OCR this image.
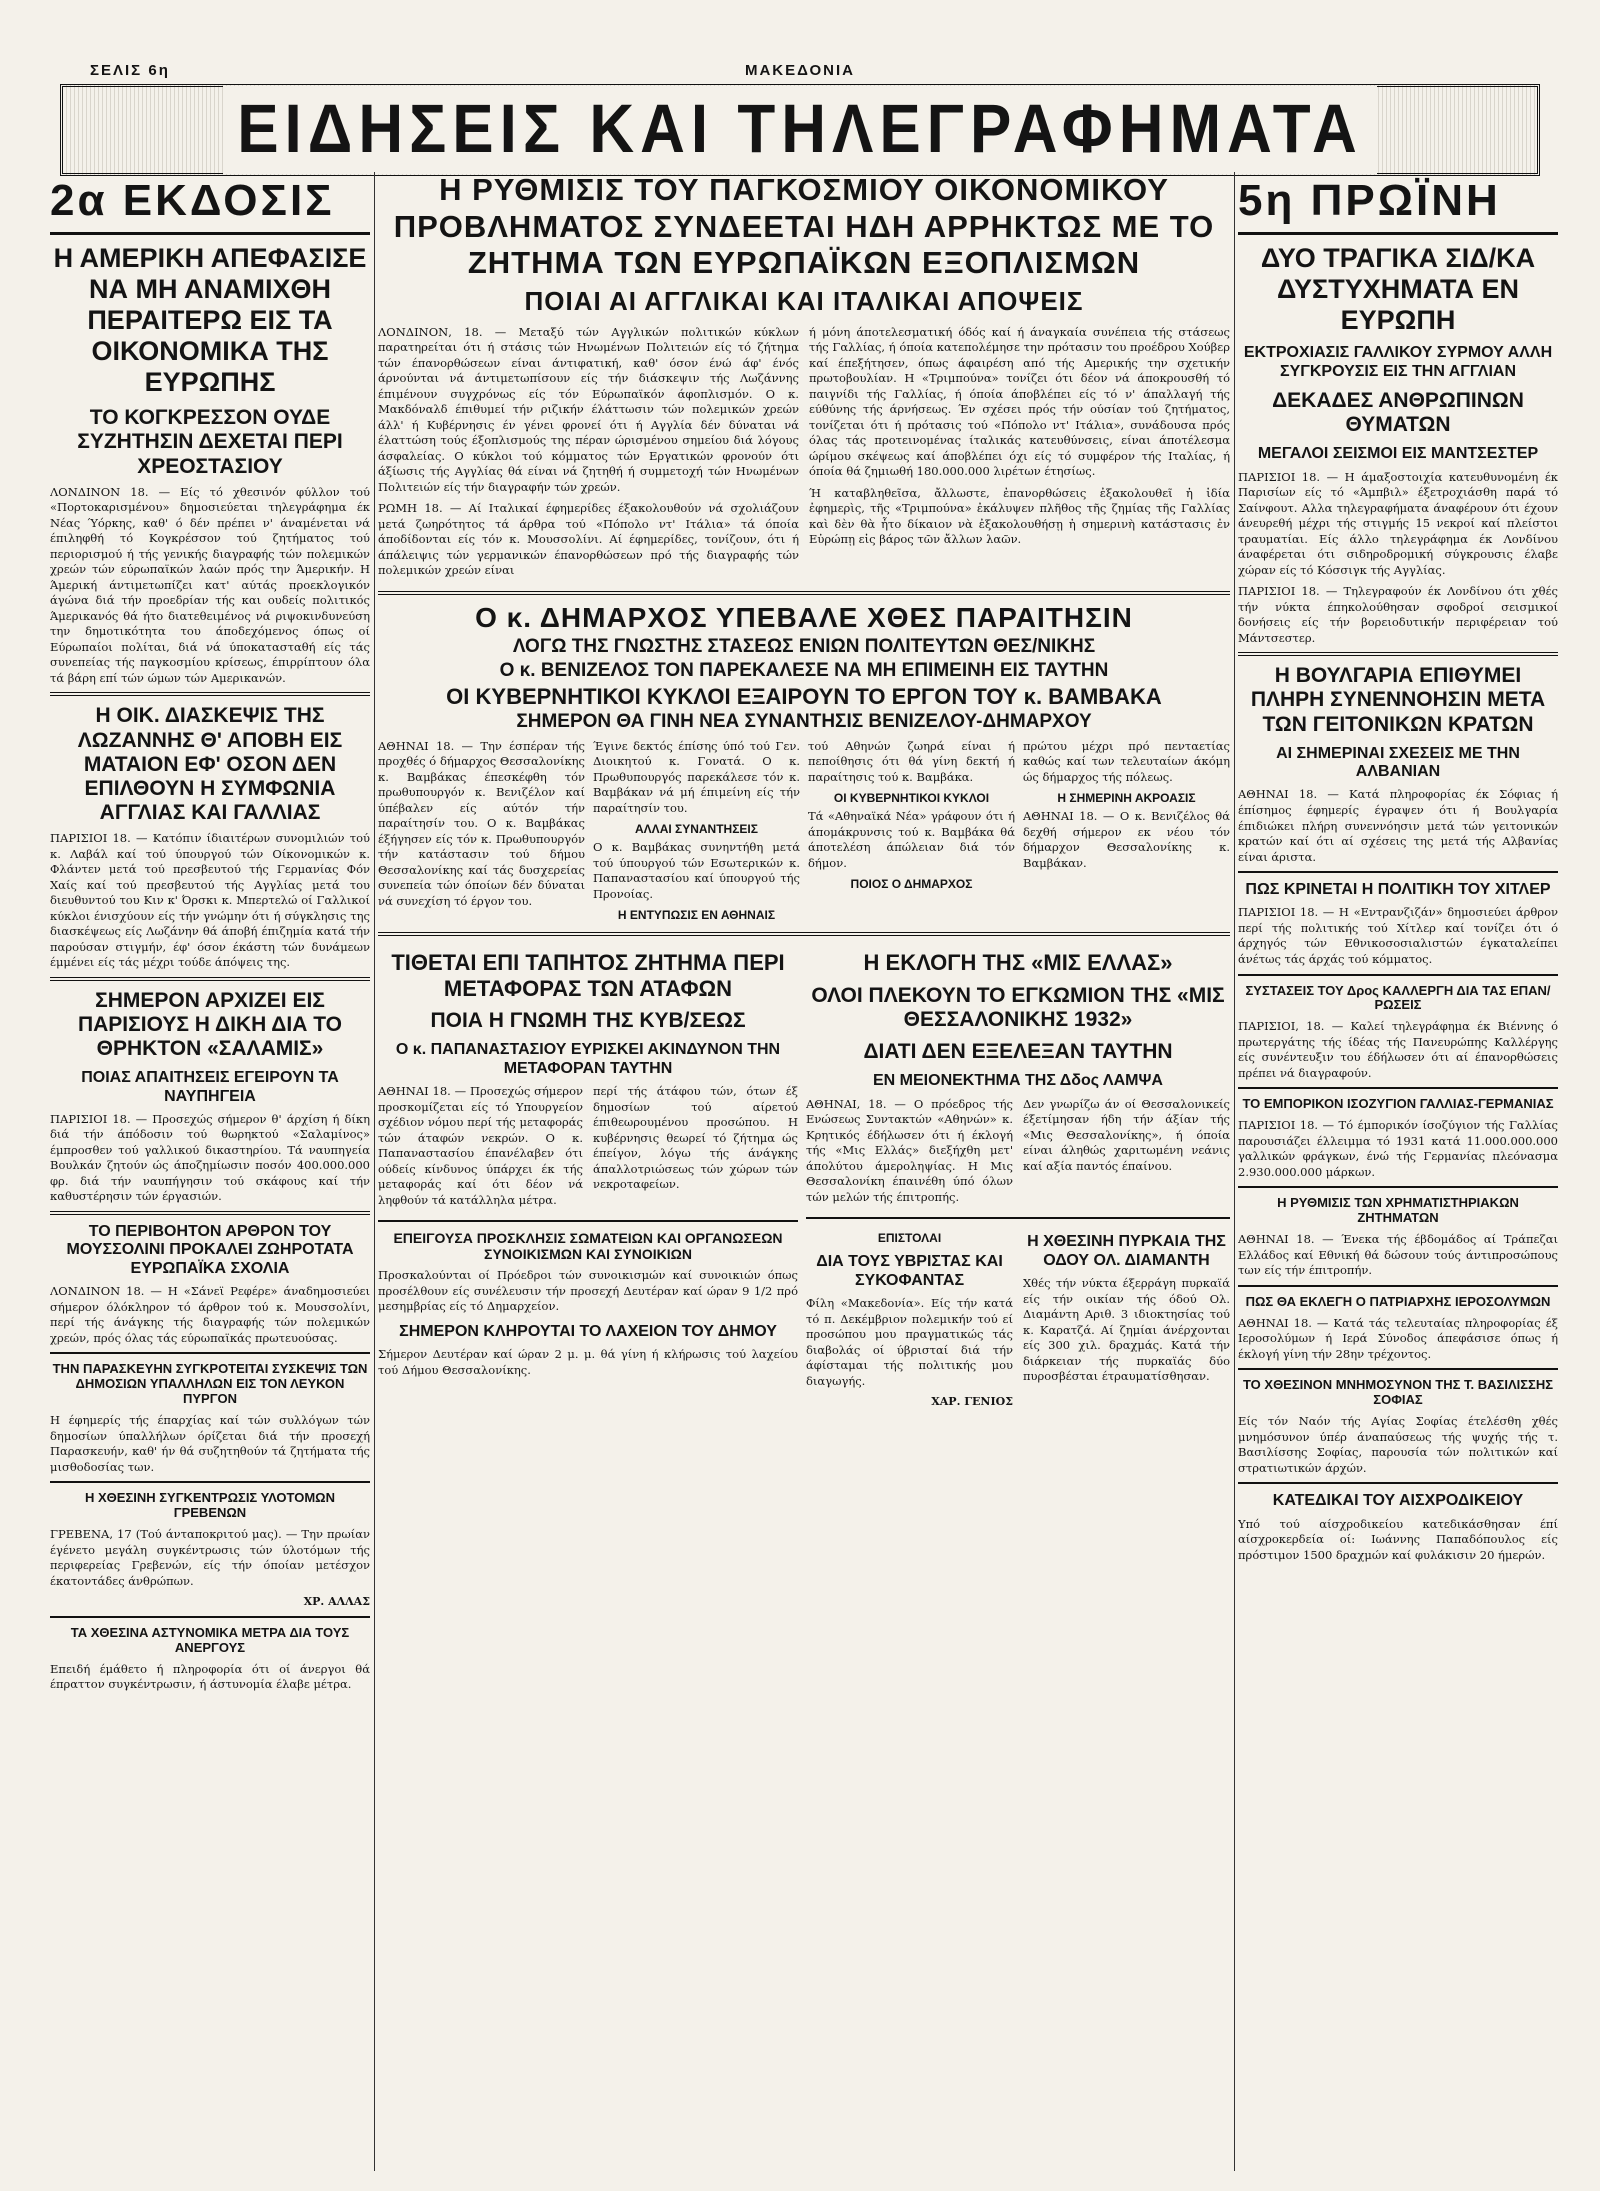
ΣΕΛΙΣ 6η	ΜΑΚΕΔΟΝΙΑ
ΕΙΔΗΣΕΙΣ ΚΑΙ ΤΗΛΕΓΡΑΦΗΜΑΤΑ
2α ΕΚΔΟΣΙΣ
Η ΑΜΕΡΙΚΗ ΑΠΕΦΑΣΙΣΕ ΝΑ ΜΗ ΑΝΑΜΙΧΘΗ ΠΕΡΑΙΤΕΡΩ ΕΙΣ ΤΑ ΟΙΚΟΝΟΜΙΚΑ ΤΗΣ ΕΥΡΩΠΗΣ
ΤΟ ΚΟΓΚΡΕΣΣΟΝ ΟΥΔΕ ΣΥΖΗΤΗΣΙΝ ΔΕΧΕΤΑΙ ΠΕΡΙ ΧΡΕΟΣΤΑΣΙΟΥ

ΛΟΝΔΙΝΟΝ 18. — Είς τό χθεσινόν φύλλον τού «Πορτοκαρισμένου» δημοσιεύεται τηλεγράφημα έκ Νέας Ύόρκης, καθ' ό δέν πρέπει ν' άναμένεται νά έπιληφθή τό Κογκρέσσον τού ζητήματος τού περιορισμού ή τής γενικής διαγραφής τών πολεμικών χρεών τών εύρωπαϊκών λαών πρός την Άμερικήν. Η Άμερική άντιμετωπίζει κατ' αύτάς προεκλογικόν άγώνα διά τήν προεδρίαν τής και ουδείς πολιτικός Άμερικανός θά ήτο διατεθειμένος νά ριψοκινδυνεύση την δημοτικότητα του άποδεχόμενος όπως οί Εύρωπαίοι πολίται, διά νά ύποκατασταθή είς τάς συνεπείας τής παγκοσμίου κρίσεως, έπιρρίπτουν όλα τά βάρη επί τών ώμων τών Αμερικανών.

Η ΟΙΚ. ΔΙΑΣΚΕΨΙΣ ΤΗΣ ΛΩΖΑΝΝΗΣ Θ' ΑΠΟΒΗ ΕΙΣ ΜΑΤΑΙΟΝ ΕΦ' ΟΣΟΝ ΔΕΝ ΕΠΙΛΘΟΥΝ Η ΣΥΜΦΩΝΙΑ ΑΓΓΛΙΑΣ ΚΑΙ ΓΑΛΛΙΑΣ

ΠΑΡΙΣΙΟΙ 18. — Κατόπιν ίδιαιτέρων συνομιλιών τού κ. Λαβάλ καί τού ύπουργού τών Οίκονομικών κ. Φλάντεν μετά τού πρεσβευτού τής Γερμανίας Φόν Χαίς καί τού πρεσβευτού τής Αγγλίας μετά του διευθυντού του Κιν κ' Όρσκι κ. Μπερτελώ οί Γαλλικοί κύκλοι ένισχύουν είς τήν γνώμην ότι ή σύγκλησις της διασκέψεως είς Λωζάνην θά άποβή έπιζημία κατά τήν παρούσαν στιγμήν, έφ' όσον έκάστη τών δυνάμεων έμμένει είς τάς μέχρι τούδε άπόψεις της.

ΣΗΜΕΡΟΝ ΑΡΧΙΖΕΙ ΕΙΣ ΠΑΡΙΣΙΟΥΣ Η ΔΙΚΗ ΔΙΑ ΤΟ ΘΡΗΚΤΟΝ «ΣΑΛΑΜΙΣ»
ΠΟΙΑΣ ΑΠΑΙΤΗΣΕΙΣ ΕΓΕΙΡΟΥΝ ΤΑ ΝΑΥΠΗΓΕΙΑ

ΠΑΡΙΣΙΟΙ 18. — Προσεχώς σήμερον θ' άρχίση ή δίκη διά τήν άπόδοσιν τού θωρηκτού «Σαλαμίνος» έμπροσθεν τού γαλλικού δικαστηρίου. Τά ναυπηγεία Βουλκάν ζητούν ώς άποζημίωσιν ποσόν 400.000.000 φρ. διά τήν ναυπήγησιν τού σκάφους καί τήν καθυστέρησιν τών έργασιών.

ΤΟ ΠΕΡΙΒΟΗΤΟΝ ΑΡΘΡΟΝ ΤΟΥ ΜΟΥΣΣΟΛΙΝΙ ΠΡΟΚΑΛΕΙ ΖΩΗΡΟΤΑΤΑ ΕΥΡΩΠΑΪΚΑ ΣΧΟΛΙΑ

ΛΟΝΔΙΝΟΝ 18. — Η «Σάνεϊ Ρεφέρε» άναδημοσιεύει σήμερον όλόκληρον τό άρθρον τού κ. Μουσσολίνι, περί τής άνάγκης τής διαγραφής τών πολεμικών χρεών, πρός όλας τάς εύρωπαϊκάς πρωτευούσας.

ΤΗΝ ΠΑΡΑΣΚΕΥΗΝ ΣΥΓΚΡΟΤΕΙΤΑΙ ΣΥΣΚΕΨΙΣ ΤΩΝ ΔΗΜΟΣΙΩΝ ΥΠΑΛΛΗΛΩΝ ΕΙΣ ΤΟΝ ΛΕΥΚΟΝ ΠΥΡΓΟΝ

Η έφημερίς τής έπαρχίας καί τών συλλόγων τών δημοσίων ύπαλλήλων όρίζεται διά τήν προσεχή Παρασκευήν, καθ' ήν θά συζητηθούν τά ζητήματα τής μισθοδοσίας των.

Η ΧΘΕΣΙΝΗ ΣΥΓΚΕΝΤΡΩΣΙΣ ΥΛΟΤΟΜΩΝ ΓΡΕΒΕΝΩΝ

ΓΡΕΒΕΝΑ, 17 (Τού άνταποκριτού μας). — Την πρωίαν έγένετο μεγάλη συγκέντρωσις τών ύλοτόμων τής περιφερείας Γρεβενών, είς τήν όποίαν μετέσχον έκατοντάδες άνθρώπων.

ΧΡ. ΑΛΛΑΣ
ΤΑ ΧΘΕΣΙΝΑ ΑΣΤΥΝΟΜΙΚΑ ΜΕΤΡΑ ΔΙΑ ΤΟΥΣ ΑΝΕΡΓΟΥΣ

Επειδή έμάθετο ή πληροφορία ότι οί άνεργοι θά έπραττον συγκέντρωσιν, ή άστυνομία έλαβε μέτρα.

Η ΡΥΘΜΙΣΙΣ ΤΟΥ ΠΑΓΚΟΣΜΙΟΥ ΟΙΚΟΝΟΜΙΚΟΥ ΠΡΟΒΛΗΜΑΤΟΣ ΣΥΝΔΕΕΤΑΙ ΗΔΗ ΑΡΡΗΚΤΩΣ ΜΕ ΤΟ ΖΗΤΗΜΑ ΤΩΝ ΕΥΡΩΠΑΪΚΩΝ ΕΞΟΠΛΙΣΜΩΝ
ΠΟΙΑΙ ΑΙ ΑΓΓΛΙΚΑΙ ΚΑΙ ΙΤΑΛΙΚΑΙ ΑΠΟΨΕΙΣ

ΛΟΝΔΙΝΟΝ, 18. — Μεταξύ τών Αγγλικών πολιτικών κύκλων παρατηρείται ότι ή στάσις τών Ηνωμένων Πολιτειών είς τό ζήτημα τών έπανορθώσεων είναι άντιφατική, καθ' όσον ένώ άφ' ένός άρνούνται νά άντιμετωπίσουν είς τήν διάσκεψιν τής Λωζάννης έπιμένουν συγχρόνως είς τόν Εύρωπαϊκόν άφοπλισμόν. Ο κ. Μακδόναλδ έπιθυμεί τήν ριζικήν έλάττωσιν τών πολεμικών χρεών άλλ' ή Κυβέρνησις έν γένει φρονεί ότι ή Αγγλία δέν δύναται νά έλαττώση τούς έξοπλισμούς της πέραν ώρισμένου σημείου διά λόγους άσφαλείας. Ο κύκλοι τού κόμματος τών Εργατικών φρονούν ότι άξίωσις τής Αγγλίας θά είναι νά ζητηθή ή συμμετοχή τών Ηνωμένων Πολιτειών είς τήν διαγραφήν τών χρεών.

ΡΩΜΗ 18. — Αί Ιταλικαί έφημερίδες έξακολουθούν νά σχολιάζουν μετά ζωηρότητος τά άρθρα τού «Πόπολο ντ' Ιτάλια» τά όποία άποδίδονται είς τόν κ. Μουσσολίνι. Αί έφημερίδες, τονίζουν, ότι ή άπάλειψις τών γερμανικών έπανορθώσεων πρό τής διαγραφής τών πολεμικών χρεών είναι

ή μόνη άποτελεσματική όδός καί ή άναγκαία συνέπεια τής στάσεως τής Γαλλίας, ή όποία κατεπολέμησε την πρότασιν του προέδρου Χούβερ καί έπεξήτησεν, όπως άφαιρέση από τής Αμερικής την σχετικήν πρωτοβουλίαν. Η «Τριμπούνα» τονίζει ότι δέον νά άποκρουσθή τό παιγνίδι τής Γαλλίας, ή όποία άποβλέπει είς τό ν' άπαλλαγή τής εύθύνης τής άρνήσεως. Έν σχέσει πρός τήν ούσίαν τού ζητήματος, τονίζεται ότι ή πρότασις τού «Πόπολο ντ' Ιτάλια», συνάδουσα πρός όλας τάς προτεινομένας ίταλικάς κατευθύνσεις, είναι άποτέλεσμα ώρίμου σκέψεως καί άποβλέπει όχι είς τό συμφέρον τής Ιταλίας, ή όποία θά ζημιωθή 180.000.000 λιρέτων έτησίως.

Ή καταβληθεῖσα, ἄλλωστε, ἐπανορθώσεις ἐξακολουθεῖ ἡ ἰδία ἐφημερὶς, τῆς «Τριμπούνα» ἐκάλυψεν πλῆθος τῆς ζημίας τῆς Γαλλίας καὶ δὲν θὰ ἦτο δίκαιον νὰ ἐξακολουθήσῃ ἡ σημερινὴ κατάστασις ἐν Εὐρώπῃ εἰς βάρος τῶν ἄλλων λαῶν.

Ο κ. ΔΗΜΑΡΧΟΣ ΥΠΕΒΑΛΕ ΧΘΕΣ ΠΑΡΑΙΤΗΣΙΝ
ΛΟΓΩ ΤΗΣ ΓΝΩΣΤΗΣ ΣΤΑΣΕΩΣ ΕΝΙΩΝ ΠΟΛΙΤΕΥΤΩΝ ΘΕΣ/ΝΙΚΗΣ
Ο κ. ΒΕΝΙΖΕΛΟΣ ΤΟΝ ΠΑΡΕΚΑΛΕΣΕ ΝΑ ΜΗ ΕΠΙΜΕΙΝΗ ΕΙΣ ΤΑΥΤΗΝ
ΟΙ ΚΥΒΕΡΝΗΤΙΚΟΙ ΚΥΚΛΟΙ ΕΞΑΙΡΟΥΝ ΤΟ ΕΡΓΟΝ ΤΟΥ κ. ΒΑΜΒΑΚΑ
ΣΗΜΕΡΟΝ ΘΑ ΓΙΝΗ ΝΕΑ ΣΥΝΑΝΤΗΣΙΣ ΒΕΝΙΖΕΛΟΥ-ΔΗΜΑΡΧΟΥ

ΑΘΗΝΑΙ 18. — Την έσπέραν τής προχθές ό δήμαρχος Θεσσαλονίκης κ. Βαμβάκας έπεσκέφθη τόν πρωθυπουργόν κ. Βενιζέλον καί ύπέβαλεν είς αύτόν τήν παραίτησίν του. Ο κ. Βαμβάκας έξήγησεν είς τόν κ. Πρωθυπουργόν τήν κατάστασιν τού δήμου Θεσσαλονίκης καί τάς δυσχερείας συνεπεία τών όποίων δέν δύναται νά συνεχίση τό έργον του.

Έγινε δεκτός έπίσης ύπό τού Γεν. Διοικητού κ. Γονατά. Ο κ. Πρωθυπουργός παρεκάλεσε τόν κ. Βαμβάκαν νά μή έπιμείνη είς τήν παραίτησίν του.

ΑΛΛΑΙ ΣΥΝΑΝΤΗΣΕΙΣ

Ο κ. Βαμβάκας συνηντήθη μετά τού ύπουργού τών Εσωτερικών κ. Παπαναστασίου καί ύπουργού τής Προνοίας.

Η ΕΝΤΥΠΩΣΙΣ ΕΝ ΑΘΗΝΑΙΣ

τού Αθηνών ζωηρά είναι ή πεποίθησις ότι θά γίνη δεκτή ή παραίτησις τού κ. Βαμβάκα.

ΟΙ ΚΥΒΕΡΝΗΤΙΚΟΙ ΚΥΚΛΟΙ

Τά «Αθηναϊκά Νέα» γράφουν ότι ή άπομάκρυνσις τού κ. Βαμβάκα θά άποτελέση άπώλειαν διά τόν δήμον.

ΠΟΙΟΣ Ο ΔΗΜΑΡΧΟΣ

πρώτου μέχρι πρό πενταετίας καθώς καί των τελευταίων άκόμη ώς δήμαρχος τής πόλεως.

Η ΣΗΜΕΡΙΝΗ ΑΚΡΟΑΣΙΣ

ΑΘΗΝΑΙ 18. — Ο κ. Βενιζέλος θά δεχθή σήμερον εκ νέου τόν δήμαρχον Θεσσαλονίκης κ. Βαμβάκαν.

ΤΙΘΕΤΑΙ ΕΠΙ ΤΑΠΗΤΟΣ ΖΗΤΗΜΑ ΠΕΡΙ ΜΕΤΑΦΟΡΑΣ ΤΩΝ ΑΤΑΦΩΝ
ΠΟΙΑ Η ΓΝΩΜΗ ΤΗΣ ΚΥΒ/ΣΕΩΣ
Ο κ. ΠΑΠΑΝΑΣΤΑΣΙΟΥ ΕΥΡΙΣΚΕΙ ΑΚΙΝΔΥΝΟΝ ΤΗΝ ΜΕΤΑΦΟΡΑΝ ΤΑΥΤΗΝ

ΑΘΗΝΑΙ 18. — Προσεχώς σήμερον προσκομίζεται είς τό Υπουργείον σχέδιον νόμου περί τής μεταφοράς τών άταφών νεκρών. Ο κ. Παπαναστασίου έπανέλαβεν ότι ούδείς κίνδυνος ύπάρχει έκ τής μεταφοράς καί ότι δέον νά ληφθούν τά κατάλληλα μέτρα.

περί τής άτάφου τών, ότων έξ δημοσίων τού αίρετού έπιθεωρουμένου προσώπου. Η κυβέρνησις θεωρεί τό ζήτημα ώς έπείγον, λόγω τής άνάγκης άπαλλοτριώσεως τών χώρων τών νεκροταφείων.

ΕΠΕΙΓΟΥΣΑ ΠΡΟΣΚΛΗΣΙΣ ΣΩΜΑΤΕΙΩΝ ΚΑΙ ΟΡΓΑΝΩΣΕΩΝ ΣΥΝΟΙΚΙΣΜΩΝ ΚΑΙ ΣΥΝΟΙΚΙΩΝ

Προσκαλούνται οί Πρόεδροι τών συνοικισμών καί συνοικιών όπως προσέλθουν είς συνέλευσιν τήν προσεχή Δευτέραν καί ώραν 9 1/2 πρό μεσημβρίας είς τό Δημαρχείον.

ΣΗΜΕΡΟΝ ΚΛΗΡΟΥΤΑΙ ΤΟ ΛΑΧΕΙΟΝ ΤΟΥ ΔΗΜΟΥ

Σήμερον Δευτέραν καί ώραν 2 μ. μ. θά γίνη ή κλήρωσις τού λαχείου τού Δήμου Θεσσαλονίκης.

Η ΕΚΛΟΓΗ ΤΗΣ «ΜΙΣ ΕΛΛΑΣ»
ΟΛΟΙ ΠΛΕΚΟΥΝ ΤΟ ΕΓΚΩΜΙΟΝ ΤΗΣ «ΜΙΣ ΘΕΣΣΑΛΟΝΙΚΗΣ 1932»
ΔΙΑΤΙ ΔΕΝ ΕΞΕΛΕΞΑΝ ΤΑΥΤΗΝ
ΕΝ ΜΕΙΟΝΕΚΤΗΜΑ ΤΗΣ Δδος ΛΑΜΨΑ

ΑΘΗΝΑΙ, 18. — Ο πρόεδρος τής Ενώσεως Συντακτών «Αθηνών» κ. Κρητικός έδήλωσεν ότι ή έκλογή τής «Μις Ελλάς» διεξήχθη μετ' άπολύτου άμεροληψίας. Η Μις Θεσσαλονίκη έπαινέθη ύπό όλων τών μελών τής έπιτροπής.

Δεν γνωρίζω άν οί Θεσσαλονικείς έξετίμησαν ήδη τήν άξίαν τής «Μις Θεσσαλονίκης», ή όποία είναι άληθώς χαριτωμένη νεάνις καί αξία παντός έπαίνου.

ΕΠΙΣΤΟΛΑΙ
ΔΙΑ ΤΟΥΣ ΥΒΡΙΣΤΑΣ ΚΑΙ ΣΥΚΟΦΑΝΤΑΣ

Φίλη «Μακεδονία». Είς τήν κατά τό π. Δεκέμβριον πολεμικήν τού εί προσώπου μου πραγματικώς τάς διαβολάς οί ύβρισταί διά τήν άφίσταμαι τής πολιτικής μου διαγωγής.

ΧΑΡ. ΓΕΝΙΟΣ
Η ΧΘΕΣΙΝΗ ΠΥΡΚΑΙΑ ΤΗΣ ΟΔΟΥ ΟΛ. ΔΙΑΜΑΝΤΗ

Χθές τήν νύκτα έξερράγη πυρκαϊά είς τήν οικίαν τής όδού Ολ. Διαμάντη Αριθ. 3 ιδιοκτησίας τού κ. Καρατζά. Αί ζημίαι άνέρχονται είς 300 χιλ. δραχμάς. Κατά τήν διάρκειαν τής πυρκαϊάς δύο πυροσβέσται έτραυματίσθησαν.

5η ΠΡΩΪΝΗ
ΔΥΟ ΤΡΑΓΙΚΑ ΣΙΔ/ΚΑ ΔΥΣΤΥΧΗΜΑΤΑ ΕΝ ΕΥΡΩΠΗ
ΕΚΤΡΟΧΙΑΣΙΣ ΓΑΛΛΙΚΟΥ ΣΥΡΜΟΥ ΑΛΛΗ ΣΥΓΚΡΟΥΣΙΣ ΕΙΣ ΤΗΝ ΑΓΓΛΙΑΝ
ΔΕΚΑΔΕΣ ΑΝΘΡΩΠΙΝΩΝ ΘΥΜΑΤΩΝ
ΜΕΓΑΛΟΙ ΣΕΙΣΜΟΙ ΕΙΣ ΜΑΝΤΣΕΣΤΕΡ

ΠΑΡΙΣΙΟΙ 18. — Η άμαξοστοιχία κατευθυνομένη έκ Παρισίων είς τό «Άμπβιλ» έξετροχιάσθη παρά τό Σαίνφουτ. Αλλα τηλεγραφήματα άναφέρουν ότι έχουν άνευρεθή μέχρι τής στιγμής 15 νεκροί καί πλείστοι τραυματίαι. Είς άλλο τηλεγράφημα έκ Λονδίνου άναφέρεται ότι σιδηροδρομική σύγκρουσις έλαβε χώραν είς τό Κόσσιγκ τής Αγγλίας.

ΠΑΡΙΣΙΟΙ 18. — Τηλεγραφούν έκ Λονδίνου ότι χθές τήν νύκτα έπηκολούθησαν σφοδροί σεισμικοί δονήσεις είς τήν βορειοδυτικήν περιφέρειαν τού Μάντσεστερ.

Η ΒΟΥΛΓΑΡΙΑ ΕΠΙΘΥΜΕΙ ΠΛΗΡΗ ΣΥΝΕΝΝΟΗΣΙΝ ΜΕΤΑ ΤΩΝ ΓΕΙΤΟΝΙΚΩΝ ΚΡΑΤΩΝ
ΑΙ ΣΗΜΕΡΙΝΑΙ ΣΧΕΣΕΙΣ ΜΕ ΤΗΝ ΑΛΒΑΝΙΑΝ

ΑΘΗΝΑΙ 18. — Κατά πληροφορίας έκ Σόφιας ή έπίσημος έφημερίς έγραψεν ότι ή Βουλγαρία έπιδιώκει πλήρη συνεννόησιν μετά τών γειτονικών κρατών καί ότι αί σχέσεις της μετά τής Αλβανίας είναι άριστα.

ΠΩΣ ΚΡΙΝΕΤΑΙ Η ΠΟΛΙΤΙΚΗ ΤΟΥ ΧΙΤΛΕΡ

ΠΑΡΙΣΙΟΙ 18. — Η «Εντρανζιζάν» δημοσιεύει άρθρον περί τής πολιτικής τού Χίτλερ καί τονίζει ότι ό άρχηγός τών Εθνικοσοσιαλιστών έγκαταλείπει άνέτως τάς άρχάς τού κόμματος.

ΣΥΣΤΑΣΕΙΣ ΤΟΥ Δρος ΚΑΛΛΕΡΓΗ ΔΙΑ ΤΑΣ ΕΠΑΝ/ΡΩΣΕΙΣ

ΠΑΡΙΣΙΟΙ, 18. — Καλεί τηλεγράφημα έκ Βιέννης ό πρωτεργάτης τής ίδέας τής Πανευρώπης Καλλέργης είς συνέντευξιν του έδήλωσεν ότι αί έπανορθώσεις πρέπει νά διαγραφούν.

ΤΟ ΕΜΠΟΡΙΚΟΝ ΙΣΟΖΥΓΙΟΝ ΓΑΛΛΙΑΣ-ΓΕΡΜΑΝΙΑΣ

ΠΑΡΙΣΙΟΙ 18. — Τό έμπορικόν ίσοζύγιον τής Γαλλίας παρουσιάζει έλλειμμα τό 1931 κατά 11.000.000.000 γαλλικών φράγκων, ένώ τής Γερμανίας πλεόνασμα 2.930.000.000 μάρκων.

Η ΡΥΘΜΙΣΙΣ ΤΩΝ ΧΡΗΜΑΤΙΣΤΗΡΙΑΚΩΝ ΖΗΤΗΜΑΤΩΝ

ΑΘΗΝΑΙ 18. — Ένεκα τής έβδομάδος αί Τράπεζαι Ελλάδος καί Εθνική θά δώσουν τούς άντιπροσώπους των είς τήν έπιτροπήν.

ΠΩΣ ΘΑ ΕΚΛΕΓΗ Ο ΠΑΤΡΙΑΡΧΗΣ ΙΕΡΟΣΟΛΥΜΩΝ

ΑΘΗΝΑΙ 18. — Κατά τάς τελευταίας πληροφορίας έξ Ιεροσολύμων ή Ιερά Σύνοδος άπεφάσισε όπως ή έκλογή γίνη τήν 28ην τρέχοντος.

ΤΟ ΧΘΕΣΙΝΟΝ ΜΝΗΜΟΣΥΝΟΝ ΤΗΣ Τ. ΒΑΣΙΛΙΣΣΗΣ ΣΟΦΙΑΣ

Είς τόν Ναόν τής Αγίας Σοφίας έτελέσθη χθές μνημόσυνον ύπέρ άναπαύσεως τής ψυχής τής τ. Βασιλίσσης Σοφίας, παρουσία τών πολιτικών καί στρατιωτικών άρχών.

ΚΑΤΕΔΙΚΑΙ ΤΟΥ ΑΙΣΧΡΟΔΙΚΕΙΟΥ

Υπό τού αίσχροδικείου κατεδικάσθησαν έπί αίσχροκερδεία οί: Ιωάννης Παπαδόπουλος είς πρόστιμον 1500 δραχμών καί φυλάκισιν 20 ήμερών.
